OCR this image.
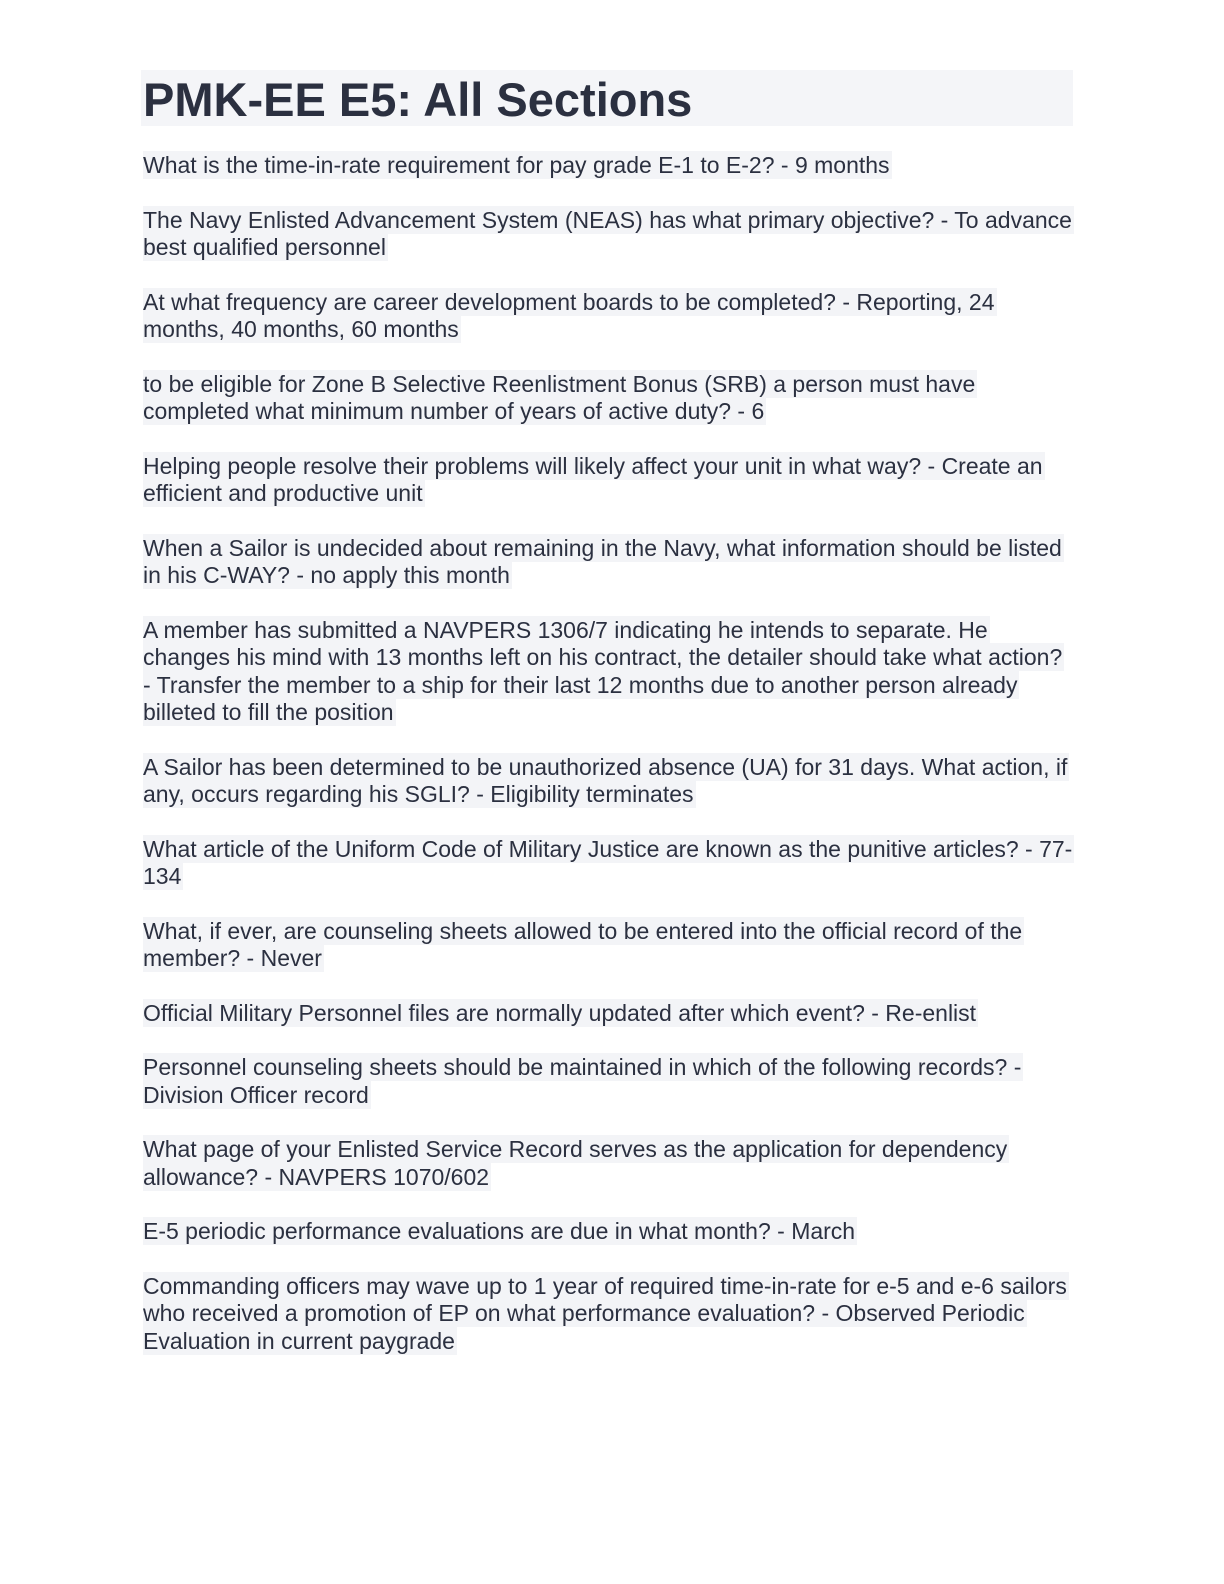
PMK-EE E5: All Sections

What is the time-in-rate requirement for pay grade E-1 to E-2? - 9 months

The Navy Enlisted Advancement System (NEAS) has what primary objective? - To advance best qualified personnel

At what frequency are career development boards to be completed? - Reporting, 24 months, 40 months, 60 months

to be eligible for Zone B Selective Reenlistment Bonus (SRB) a person must have completed what minimum number of years of active duty? - 6

Helping people resolve their problems will likely affect your unit in what way? - Create an efficient and productive unit

When a Sailor is undecided about remaining in the Navy, what information should be listed in his C-WAY? - no apply this month

A member has submitted a NAVPERS 1306/7 indicating he intends to separate. He changes his mind with 13 months left on his contract, the detailer should take what action? - Transfer the member to a ship for their last 12 months due to another person already billeted to fill the position

A Sailor has been determined to be unauthorized absence (UA) for 31 days. What action, if any, occurs regarding his SGLI? - Eligibility terminates

What article of the Uniform Code of Military Justice are known as the punitive articles? - 77-134

What, if ever, are counseling sheets allowed to be entered into the official record of the member? - Never

Official Military Personnel files are normally updated after which event? - Re-enlist

Personnel counseling sheets should be maintained in which of the following records? - Division Officer record

What page of your Enlisted Service Record serves as the application for dependency allowance? - NAVPERS 1070/602

E-5 periodic performance evaluations are due in what month? - March

Commanding officers may wave up to 1 year of required time-in-rate for e-5 and e-6 sailors who received a promotion of EP on what performance evaluation? - Observed Periodic Evaluation in current paygrade
